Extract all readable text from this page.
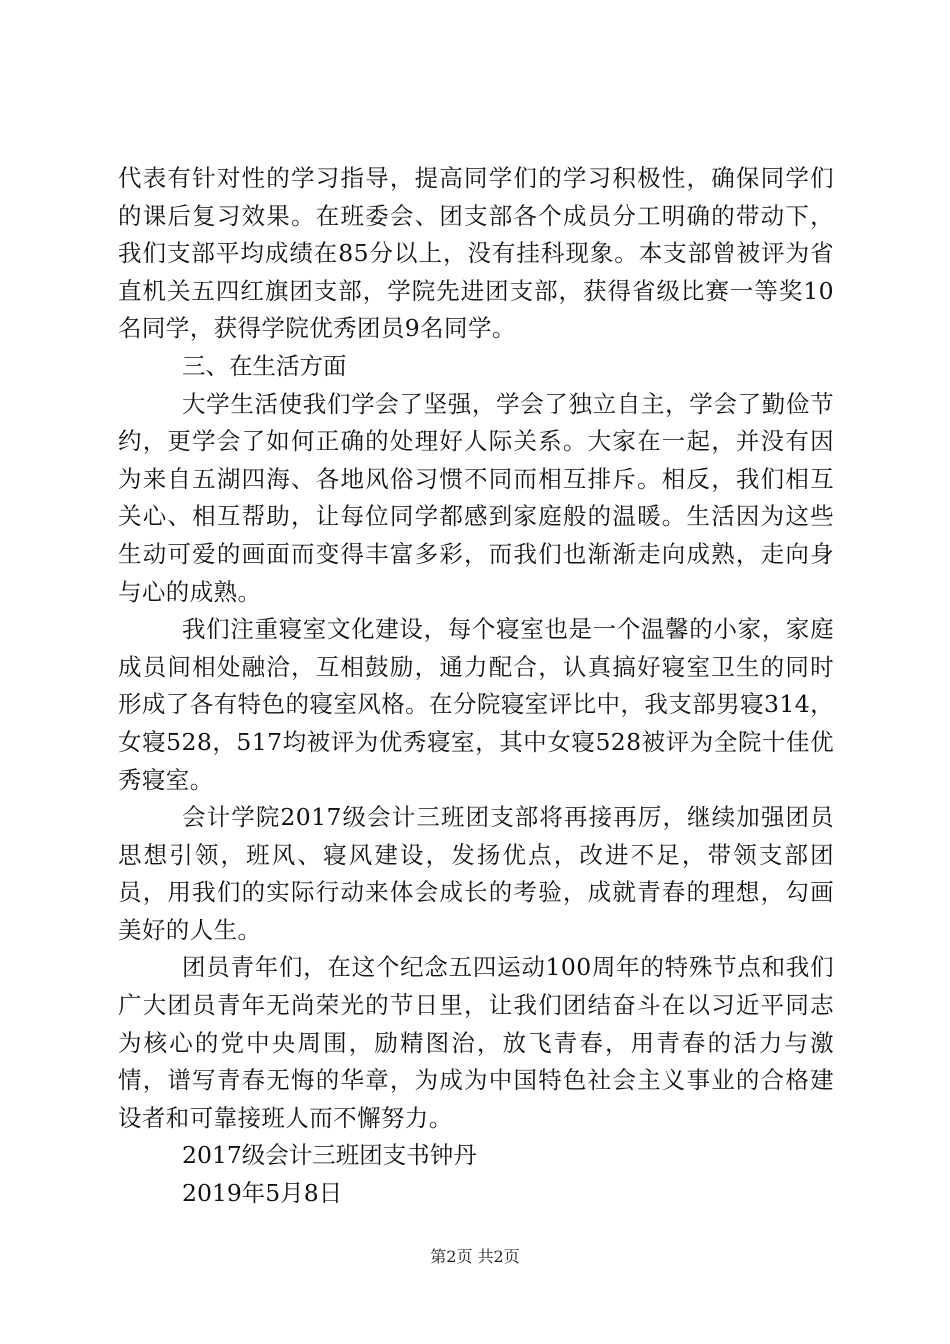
代表有针对性的学习指导，提高同学们的学习积极性，确保同学们的课后复习效果。在班委会、团支部各个成员分工明确的带动下，我们支部平均成绩在85分以上，没有挂科现象。本支部曾被评为省直机关五四红旗团支部，学院先进团支部，获得省级比赛一等奖10名同学，获得学院优秀团员9名同学。

三、在生活方面

大学生活使我们学会了坚强，学会了独立自主，学会了勤俭节约，更学会了如何正确的处理好人际关系。大家在一起，并没有因为来自五湖四海、各地风俗习惯不同而相互排斥。相反，我们相互关心、相互帮助，让每位同学都感到家庭般的温暖。生活因为这些生动可爱的画面而变得丰富多彩，而我们也渐渐走向成熟，走向身与心的成熟。

我们注重寝室文化建设，每个寝室也是一个温馨的小家，家庭成员间相处融洽，互相鼓励，通力配合，认真搞好寝室卫生的同时形成了各有特色的寝室风格。在分院寝室评比中，我支部男寝314，女寝528，517均被评为优秀寝室，其中女寝528被评为全院十佳优秀寝室。

会计学院2017级会计三班团支部将再接再厉，继续加强团员思想引领，班风、寝风建设，发扬优点，改进不足，带领支部团员，用我们的实际行动来体会成长的考验，成就青春的理想，勾画美好的人生。

团员青年们，在这个纪念五四运动100周年的特殊节点和我们广大团员青年无尚荣光的节日里，让我们团结奋斗在以习近平同志为核心的党中央周围，励精图治，放飞青春，用青春的活力与激情，谱写青春无悔的华章，为成为中国特色社会主义事业的合格建设者和可靠接班人而不懈努力。

2017级会计三班团支书钟丹

2019年5月8日

第2页 共2页
